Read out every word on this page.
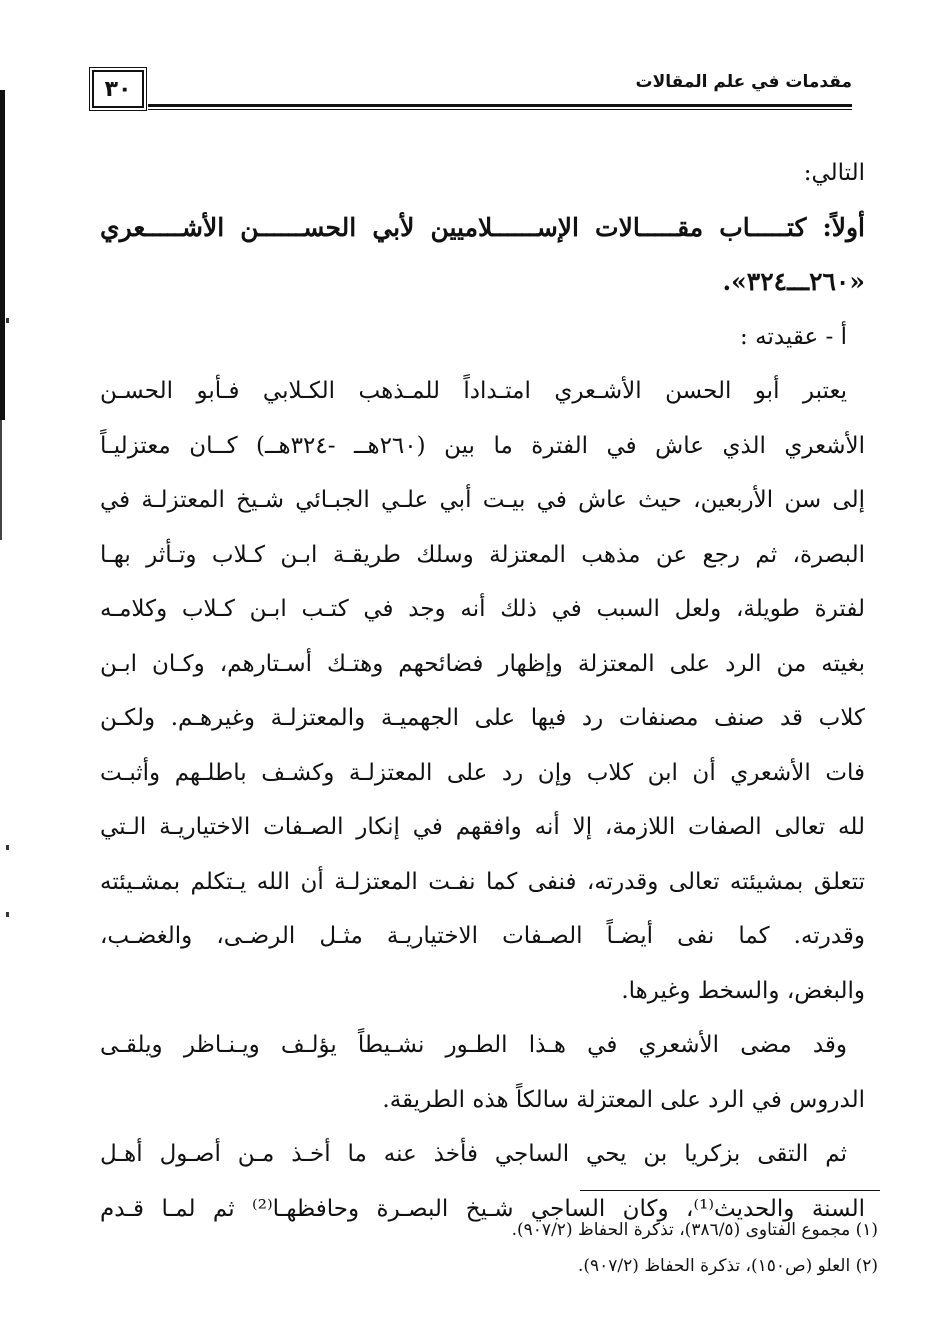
٣٠	مقدمات في علم المقالات
التالي:
أولاً: كتـــــاب مقـــــالات الإســــــلاميين لأبي الحســــــن الأشـــــعري
«٢٦٠ـــ٣٢٤».
أ - عقيدته :
يعتبر أبو الحسن الأشـعري امتـداداً للمـذهب الكـلابي فـأبو الحسـن
الأشعري الذي عاش في الفترة ما بين (٢٦٠هــ -٣٢٤هــ) كــان معتزليـاً
إلى سن الأربعين، حيث عاش في بيـت أبي علـي الجبـائي شـيخ المعتزلـة في
البصرة، ثم رجع عن مذهب المعتزلة وسلك طريقـة ابـن كـلاب وتـأثر بهـا
لفترة طويلة، ولعل السبب في ذلك أنه وجد في كتـب ابـن كـلاب وكلامـه
بغيته من الرد على المعتزلة وإظهار فضائحهم وهتـك أسـتارهم، وكـان ابـن
كلاب قد صنف مصنفات رد فيها على الجهميـة والمعتزلـة وغيرهـم. ولكـن
فات الأشعري أن ابن كلاب وإن رد على المعتزلـة وكشـف باطلـهم وأثبـت
لله تعالى الصفات اللازمة، إلا أنه وافقهم في إنكار الصـفات الاختياريـة الـتي
تتعلق بمشيئته تعالى وقدرته، فنفى كما نفـت المعتزلـة أن الله يـتكلم بمشـيئته
وقدرته. كما نفى أيضـاً الصـفات الاختياريـة مثـل الرضـى، والغضـب،
والبغض، والسخط وغيرها.
وقد مضى الأشعري في هـذا الطـور نشـيطاً يؤلـف ويـنـاظر ويلقـى
الدروس في الرد على المعتزلة سالكاً هذه الطريقة.
ثم التقى بزكريا بن يحي الساجي فأخذ عنه ما أخـذ مـن أصـول أهـل
السنة والحديث⁽¹⁾، وكان الساجي شـيخ البصـرة وحافظهـا⁽²⁾ ثم لمـا قـدم
(١) مجموع الفتاوى (٣٨٦/٥)، تذكرة الحفاظ (٩٠٧/٢).
(٢) العلو (ص١٥٠)، تذكرة الحفاظ (٩٠٧/٢).
